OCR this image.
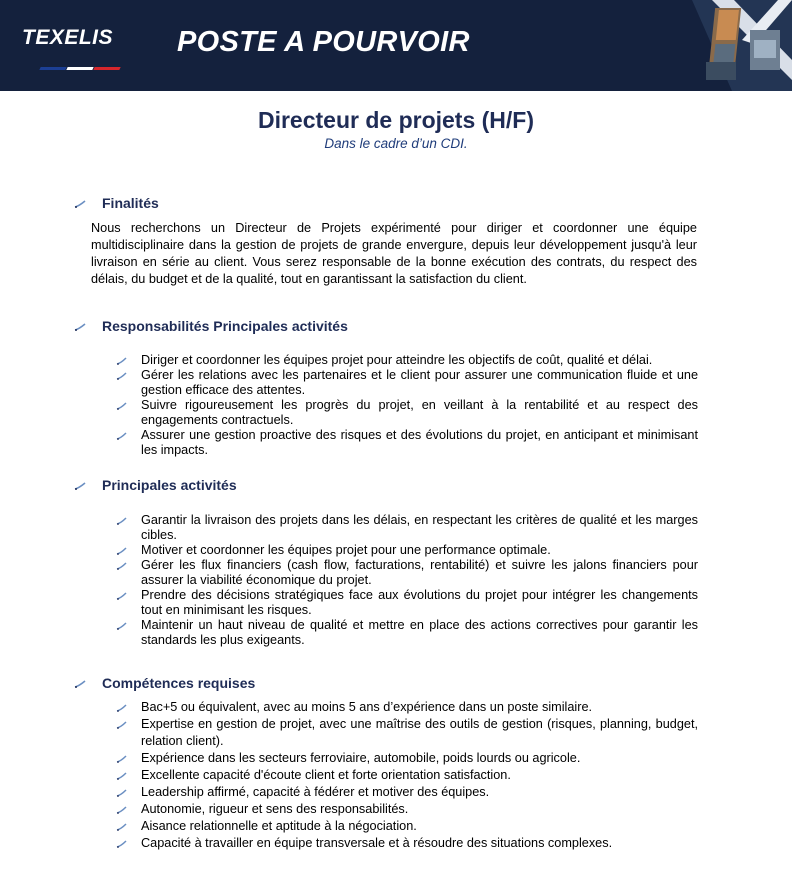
TEXELIS	POSTE A POURVOIR
Directeur de projets (H/F)
Dans le cadre d’un CDI.
Finalités

Nous recherchons un Directeur de Projets expérimenté pour diriger et coordonner une équipe multidisciplinaire dans la gestion de projets de grande envergure, depuis leur développement jusqu'à leur livraison en série au client. Vous serez responsable de la bonne exécution des contrats, du respect des délais, du budget et de la qualité, tout en garantissant la satisfaction du client.

Responsabilités Principales activités
Diriger et coordonner les équipes projet pour atteindre les objectifs de coût, qualité et délai.
Gérer les relations avec les partenaires et le client pour assurer une communication fluide et une gestion efficace des attentes.
Suivre rigoureusement les progrès du projet, en veillant à la rentabilité et au respect des engagements contractuels.
Assurer une gestion proactive des risques et des évolutions du projet, en anticipant et minimisant les impacts.
Principales activités
Garantir la livraison des projets dans les délais, en respectant les critères de qualité et les marges cibles.
Motiver et coordonner les équipes projet pour une performance optimale.
Gérer les flux financiers (cash flow, facturations, rentabilité) et suivre les jalons financiers pour assurer la viabilité économique du projet.
Prendre des décisions stratégiques face aux évolutions du projet pour intégrer les changements tout en minimisant les risques.
Maintenir un haut niveau de qualité et mettre en place des actions correctives pour garantir les standards les plus exigeants.
Compétences requises
Bac+5 ou équivalent, avec au moins 5 ans d’expérience dans un poste similaire.
Expertise en gestion de projet, avec une maîtrise des outils de gestion (risques, planning, budget, relation client).
Expérience dans les secteurs ferroviaire, automobile, poids lourds ou agricole.
Excellente capacité d'écoute client et forte orientation satisfaction.
Leadership affirmé, capacité à fédérer et motiver des équipes.
Autonomie, rigueur et sens des responsabilités.
Aisance relationnelle et aptitude à la négociation.
Capacité à travailler en équipe transversale et à résoudre des situations complexes.
